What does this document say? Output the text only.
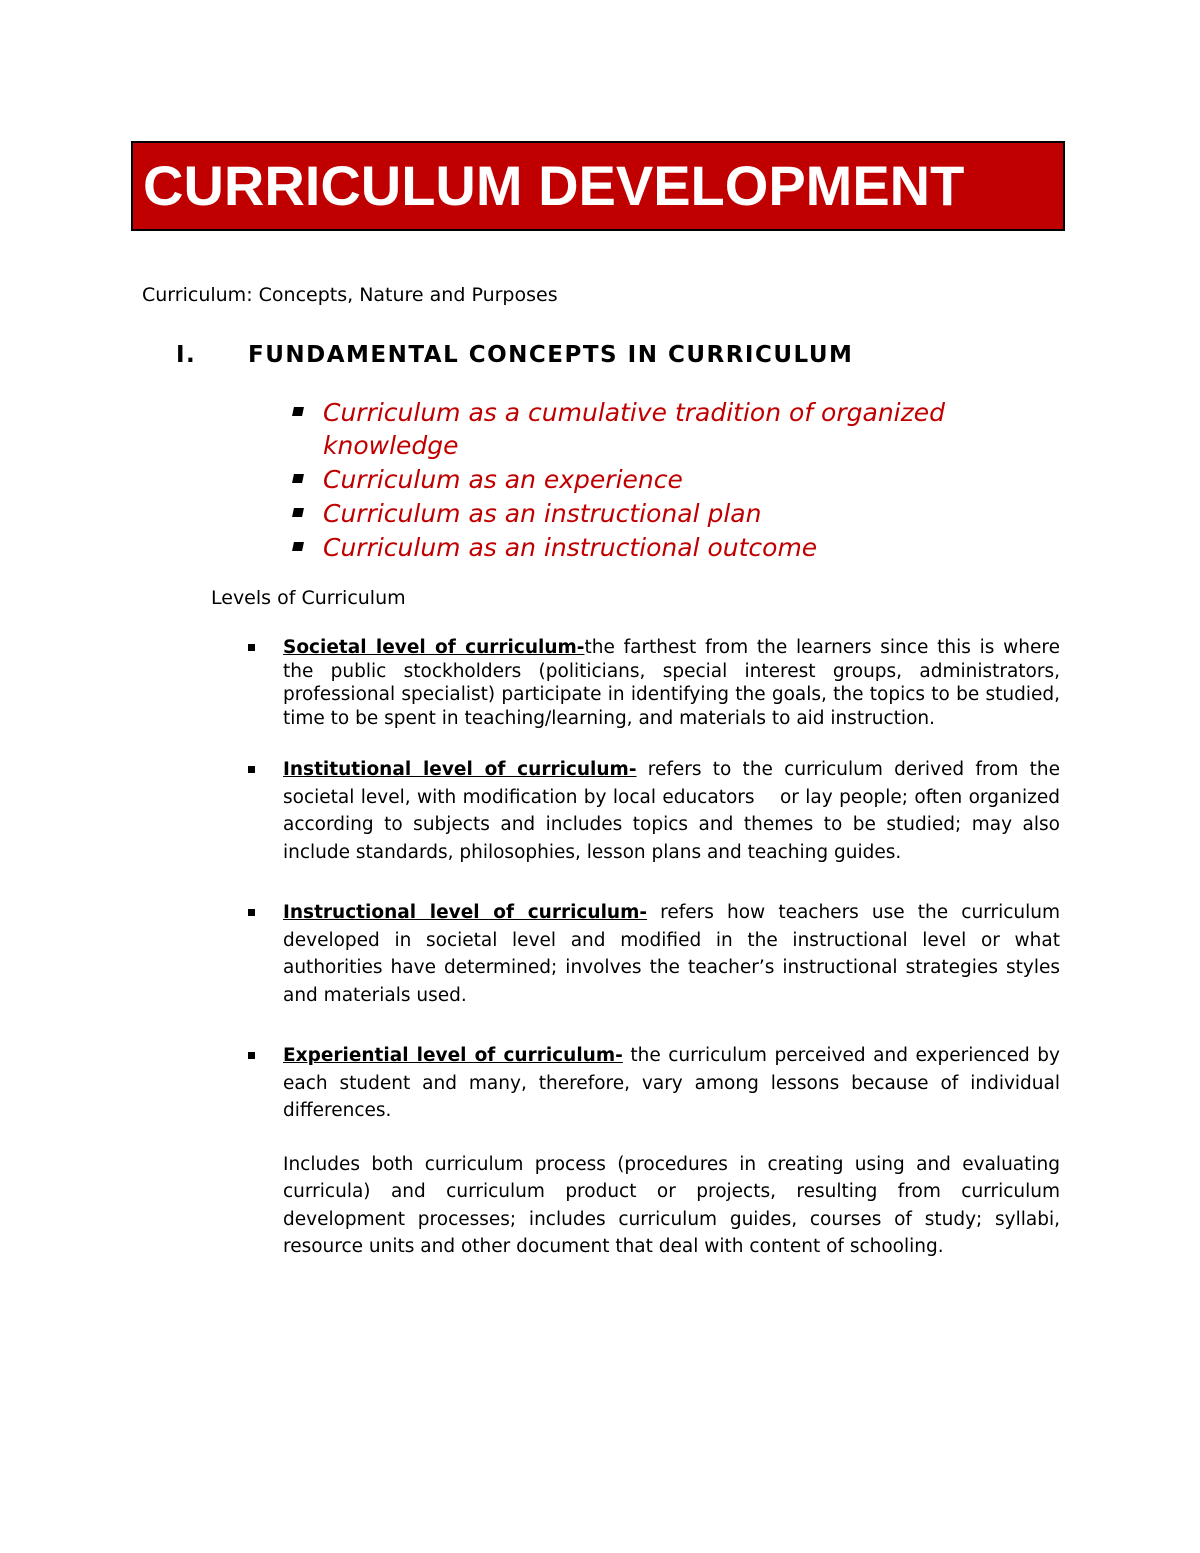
CURRICULUM DEVELOPMENT
Curriculum: Concepts, Nature and Purposes
I. FUNDAMENTAL CONCEPTS IN CURRICULUM
Curriculum as a cumulative tradition of organized knowledge
Curriculum as an experience
Curriculum as an instructional plan
Curriculum as an instructional outcome
Levels of Curriculum
Societal level of curriculum-the farthest from the learners since this is where the public stockholders (politicians, special interest groups, administrators, professional specialist) participate in identifying the goals, the topics to be studied, time to be spent in teaching/learning, and materials to aid instruction.
Institutional level of curriculum- refers to the curriculum derived from the societal level, with modification by local educators    or lay people; often organized according to subjects and includes topics and themes to be studied; may also include standards, philosophies, lesson plans and teaching guides.
Instructional level of curriculum- refers how teachers use the curriculum developed in societal level and modified in the instructional level or what authorities have determined; involves the teacher’s instructional strategies styles and materials used.
Experiential level of curriculum- the curriculum perceived and experienced by each student and many, therefore, vary among lessons because of individual differences.
Includes both curriculum process (procedures in creating using and evaluating curricula) and curriculum product or projects, resulting from curriculum development processes; includes curriculum guides, courses of study; syllabi, resource units and other document that deal with content of schooling.
